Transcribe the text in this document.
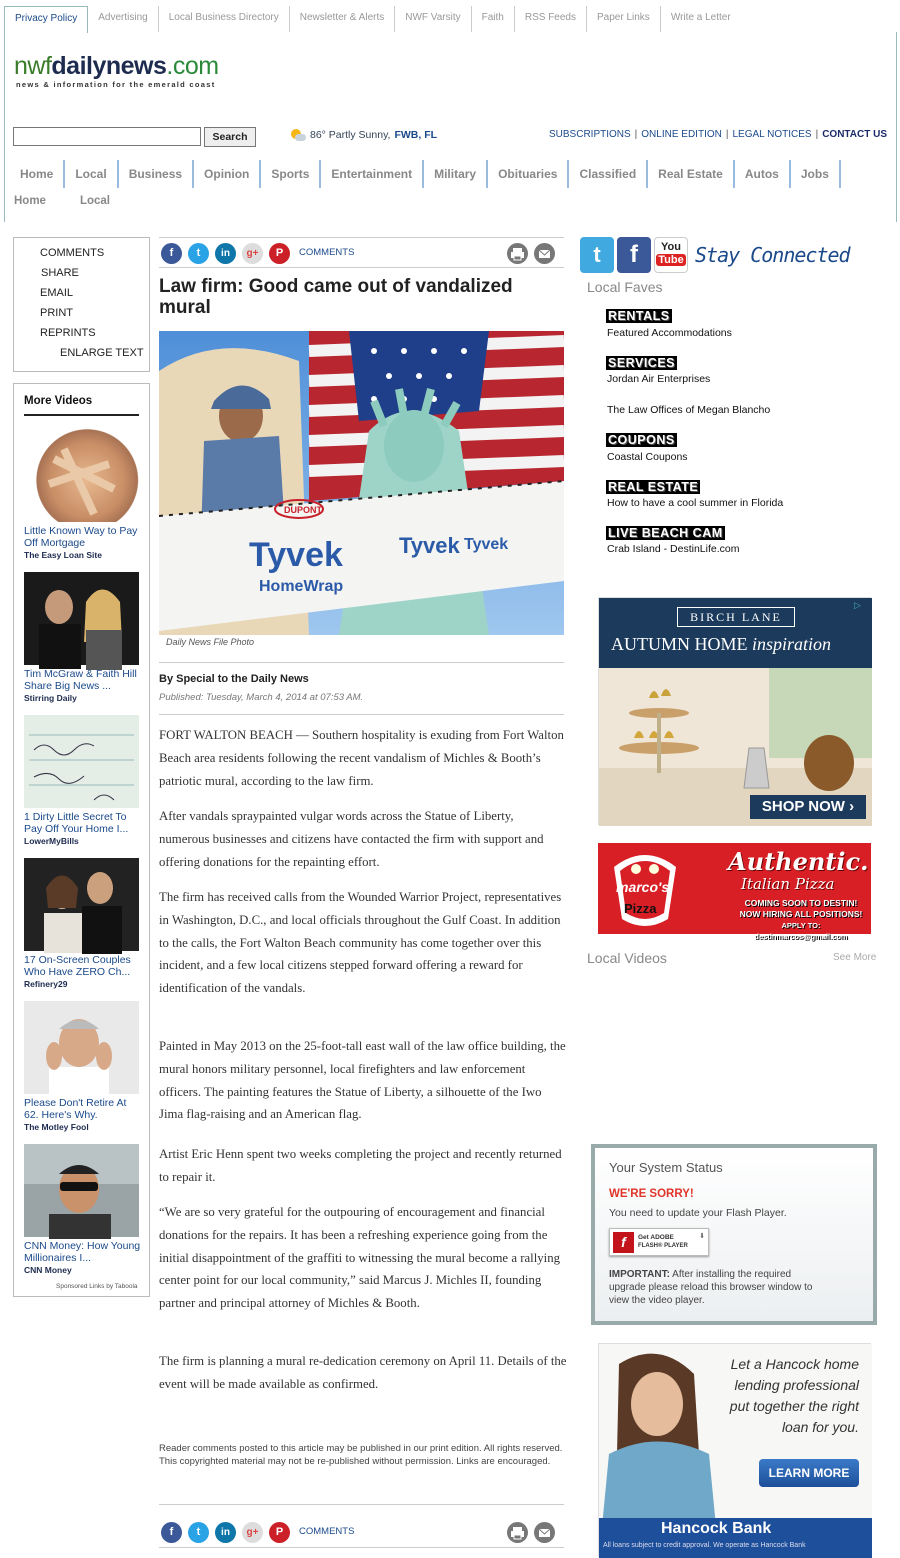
Privacy Policy	Advertising	Local Business Directory	Newsletter & Alerts	NWF Varsity	Faith	RSS Feeds	Paper Links	Write a Letter
nwfdailynews.com
news & information for the emerald coast
Search	86° Partly Sunny, FWB, FL	SUBSCRIPTIONS | ONLINE EDITION | LEGAL NOTICES | CONTACT US
Home	Local	Business	Opinion	Sports	Entertainment	Military	Obituaries	Classified	Real Estate	Autos	Jobs
Home	Local
COMMENTS
SHARE
EMAIL
PRINT
REPRINTS
ENLARGE TEXT
More Videos
Little Known Way to Pay Off Mortgage
The Easy Loan Site
Tim McGraw & Faith Hill Share Big News ...
Stirring Daily
1 Dirty Little Secret To Pay Off Your Home I...
LowerMyBills
17 On-Screen Couples Who Have ZERO Ch...
Refinery29
Please Don't Retire At 62. Here's Why.
The Motley Fool
CNN Money: How Young Millionaires I...
CNN Money
Sponsored Links by Taboola
f	t	in	g+	P	COMMENTS
Law firm: Good came out of vandalized mural
DUPONT
Tyvek
HomeWrap
Tyvek Tyvek
Daily News File Photo
By Special to the Daily News
Published: Tuesday, March 4, 2014 at 07:53 AM.

FORT WALTON BEACH — Southern hospitality is exuding from Fort Walton Beach area residents following the recent vandalism of Michles & Booth’s patriotic mural, according to the law firm.

After vandals spraypainted vulgar words across the Statue of Liberty, numerous businesses and citizens have contacted the firm with support and offering donations for the repainting effort.

The firm has received calls from the Wounded Warrior Project, representatives in Washington, D.C., and local officials throughout the Gulf Coast. In addition to the calls, the Fort Walton Beach community has come together over this incident, and a few local citizens stepped forward offering a reward for identification of the vandals.

Painted in May 2013 on the 25-foot-tall east wall of the law office building, the mural honors military personnel, local firefighters and law enforcement officers. The painting features the Statue of Liberty, a silhouette of the Iwo Jima flag-raising and an American flag.

Artist Eric Henn spent two weeks completing the project and recently returned to repair it.

“We are so very grateful for the outpouring of encouragement and financial donations for the repairs. It has been a refreshing experience going from the initial disappointment of the graffiti to witnessing the mural become a rallying center point for our local community,” said Marcus J. Michles II, founding partner and principal attorney of Michles & Booth.

The firm is planning a mural re-dedication ceremony on April 11. Details of the event will be made available as confirmed.

Reader comments posted to this article may be published in our print edition. All rights reserved. This copyrighted material may not be re-published without permission. Links are encouraged.
f	t	in	g+	P	COMMENTS
t	f	You
Tube Stay Connected
Local Faves
RENTALS
Featured Accommodations
SERVICES
Jordan Air Enterprises
The Law Offices of Megan Blancho
COUPONS
Coastal Coupons
REAL ESTATE
How to have a cool summer in Florida
LIVE BEACH CAM
Crab Island - DestinLife.com
BIRCH LANE
AUTUMN HOME inspiration
▷
SHOP NOW ›
marco's
Pizza
Authentic.
Italian Pizza
COMING SOON TO DESTIN!
NOW HIRING ALL POSITIONS!
APPLY TO: destinmarcos@gmail.com
Local Videos	See More
Your System Status
WE'RE SORRY!
You need to update your Flash Player.
f	Get ADOBE
FLASH® PLAYER
⬇
IMPORTANT: After installing the required upgrade please reload this browser window to view the video player.
Let a Hancock home
lending professional
put together the right
loan for you.
LEARN MORE
Hancock Bank
All loans subject to credit approval. We operate as Hancock Bank
